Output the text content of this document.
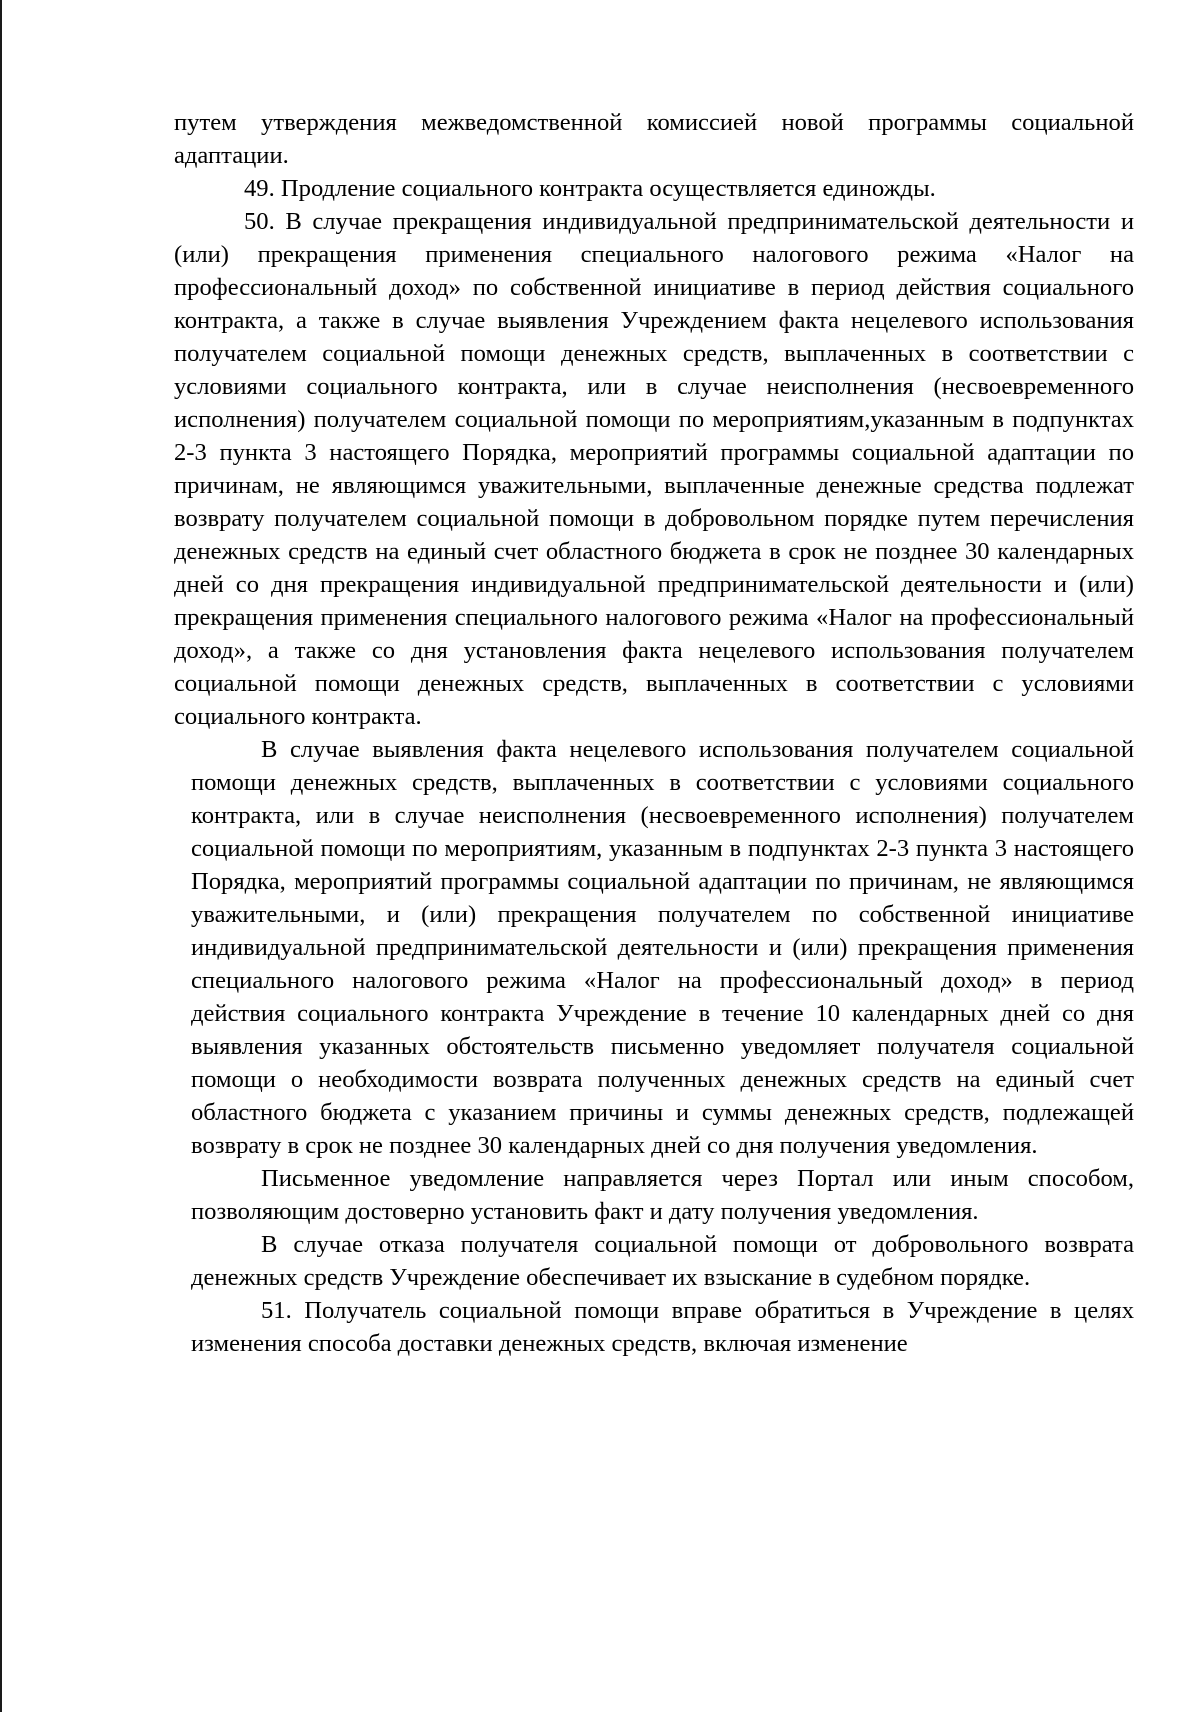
путем утверждения межведомственной комиссией новой программы социальной адаптации.

49. Продление социального контракта осуществляется единожды.

50. В случае прекращения индивидуальной предпринимательской деятельности и (или) прекращения применения специального налогового режима «Налог на профессиональный доход» по собственной инициативе в период действия социального контракта, а также в случае выявления Учреждением факта нецелевого использования получателем социальной помощи денежных средств, выплаченных в соответствии с условиями социального контракта, или в случае неисполнения (несвоевременного исполнения) получателем социальной помощи по мероприятиям,указанным в подпунктах 2-3 пункта 3 настоящего Порядка, мероприятий программы социальной адаптации по причинам, не являющимся уважительными, выплаченные денежные средства подлежат возврату получателем социальной помощи в добровольном порядке путем перечисления денежных средств на единый счет областного бюджета в срок не позднее 30 календарных дней со дня прекращения индивидуальной предпринимательской деятельности и (или) прекращения применения специального налогового режима «Налог на профессиональный доход», а также со дня установления факта нецелевого использования получателем социальной помощи денежных средств, выплаченных в соответствии с условиями социального контракта.

В случае выявления факта нецелевого использования получателем социальной помощи денежных средств, выплаченных в соответствии с условиями социального контракта, или в случае неисполнения (несвоевременного исполнения) получателем социальной помощи по мероприятиям, указанным в подпунктах 2-3 пункта 3 настоящего Порядка, мероприятий программы социальной адаптации по причинам, не являющимся уважительными, и (или) прекращения получателем по собственной инициативе индивидуальной предпринимательской деятельности и (или) прекращения применения специального налогового режима «Налог на профессиональный доход» в период действия социального контракта Учреждение в течение 10 календарных дней со дня выявления указанных обстоятельств письменно уведомляет получателя социальной помощи о необходимости возврата полученных денежных средств на единый счет областного бюджета с указанием причины и суммы денежных средств, подлежащей возврату в срок не позднее 30 календарных дней со дня получения уведомления.

Письменное уведомление направляется через Портал или иным способом, позволяющим достоверно установить факт и дату получения уведомления.

В случае отказа получателя социальной помощи от добровольного возврата денежных средств Учреждение обеспечивает их взыскание в судебном порядке.

51. Получатель социальной помощи вправе обратиться в Учреждение в целях изменения способа доставки денежных средств, включая изменение
